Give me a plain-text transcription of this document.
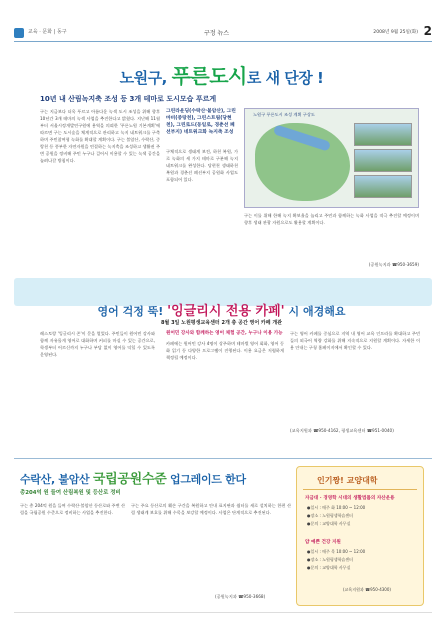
교육 · 문화 | 동구	구정 뉴스	2008년 9월 25일(화) 2
노원구, 푸른도시로 새 단장 !
10년 내 산림녹지축 조성 등 3개 테마로 도시모습 푸르게
구는 지금보다 더욱 푸르고 아름다운 녹색 도시 조성을 위해 향후 10년간 3개 테마의 녹색 사업을 추진한다고 밝혔다. 지난해 11월부터 서울시정개발연구원에 용역을 의뢰한 '푸른노원 기본계획'에 따르면 구는 도시숲을 체계적으로 관리하고 녹지 네트워크를 구축하며 주민참여형 녹화를 확대할 계획이다. 구는 불암산, 수락산, 중랑천 등 풍부한 자연자원을 연결하는 녹지축을 조성하고 생활권 주변 공원을 정비해 주민 누구나 걸어서 이용할 수 있는 녹색 공간을 늘려나갈 방침이다.
그린라운딩(수락산·불암산), 그린마비(중랑천), 그린스트림(당현천), 그린로드(동일로, 경춘선 폐선부지) 네트워크화 녹지축 조성
구체적으로 생태계 보전, 하천 복원, 가로 녹화의 세 가지 테마로 구분해 녹지 네트워크를 완성한다. 당현천 생태하천 복원과 경춘선 폐선부지 공원화 사업도 포함되어 있다.
노원구 푸른도시 조성 계획 구상도
구는 이를 위해 한해 녹지 확보율을 늘리고 주민과 함께하는 녹화 사업을 적극 추진할 예정이며 향후 생태 관광 자원으로도 활용할 계획이다.
(공원녹지과 ☎950-3659)
영어 걱정 뚝! '잉글리시 전용 카페' 시 애경해요
8월 3일 노원평생교육센터 2개 층 공간 영어 카페 개관
레스토랑 '잉글리시 존'이 문을 열었다. 주민들이 원어민 강사와 함께 자유롭게 영어로 대화하며 커피를 마실 수 있는 공간으로, 학생부터 어르신까지 누구나 부담 없이 영어를 익힐 수 있도록 운영된다.
원어민 강사와 함께하는 영어 체험 공간, 누구나 이용 가능
카페에는 원어민 강사 4명이 상주하며 테마별 영어 회화, 영어 동화 읽기 등 다양한 프로그램이 진행된다. 이용 요금은 저렴하게 책정될 예정이다.
구는 영어 카페를 중심으로 지역 내 영어 교육 인프라를 확대하고 주민들의 외국어 역량 강화를 위해 지속적으로 지원할 계획이다. 자세한 이용 안내는 구청 홈페이지에서 확인할 수 있다.
(교육지원과 ☎950-4162, 평생교육센터 ☎951-0040)
수락산, 불암산 국립공원수준 업그레이드 한다
총204억 원 들여 산림복원 및 등산로 정비
구는 총 204억 원을 들여 수락산·불암산 등산로와 주변 산림을 국립공원 수준으로 정비하는 사업을 추진한다.
구는 주요 등산로의 훼손 구간을 복원하고 안내 표지판과 쉼터를 새로 설치하는 한편 산림 생태계 보호를 위해 수목을 보강할 예정이다. 사업은 단계적으로 추진된다.
(공원녹지과 ☎950-3668)
인기짱! 교양대학
자금대 · 경영학 시대의 생활법률의 자산운용
●일시 : 매주 화 10:00 ~ 12:00
●장소 : 노원평생학습센터
●문의 : 교양대학 사무실
얌 예쁜 건강 지원
●일시 : 매주 목 10:00 ~ 12:00
●장소 : 노원평생학습센터
●문의 : 교양대학 사무실
(교육지원과 ☎950-4300)
